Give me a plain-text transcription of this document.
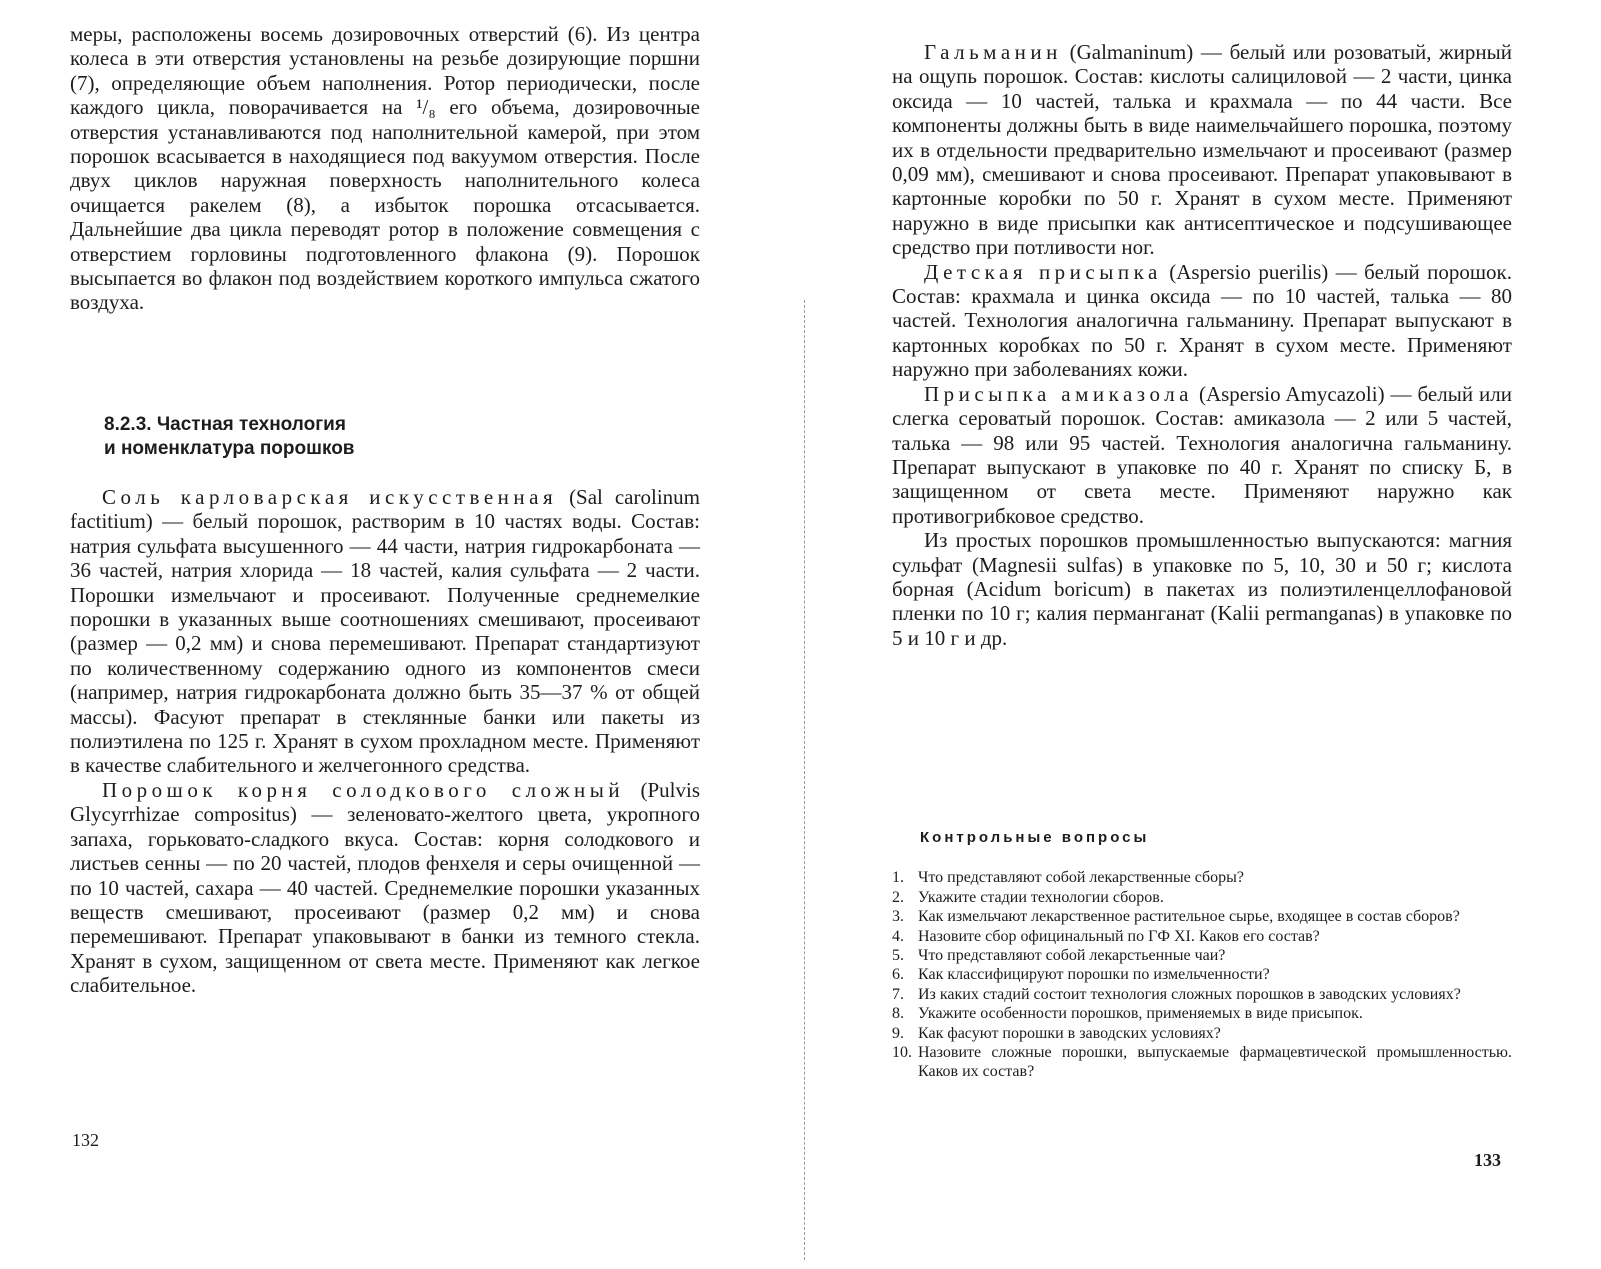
меры, расположены восемь дозировочных отверстий (6). Из центра колеса в эти отверстия установлены на резьбе дозирующие поршни (7), определяющие объем наполнения. Ротор периодически, после каждого цикла, поворачивается на ¹/₈ его объема, дозировочные отверстия устанавливаются под наполнительной камерой, при этом порошок всасывается в находящиеся под вакуумом отверстия. После двух циклов наружная поверхность наполнительного колеса очищается ракелем (8), а избыток порошка отсасывается. Дальнейшие два цикла переводят ротор в положение совмещения с отверстием горловины подготовленного флакона (9). Порошок высыпается во флакон под воздействием короткого импульса сжатого воздуха.

8.2.3. Частная технология
и номенклатура порошков

Соль карловарская искусственная (Sal carolinum factitium) — белый порошок, растворим в 10 частях воды. Состав: натрия сульфата высушенного — 44 части, натрия гидрокарбоната — 36 частей, натрия хлорида — 18 частей, калия сульфата — 2 части. Порошки измельчают и просеивают. Полученные среднемелкие порошки в указанных выше соотношениях смешивают, просеивают (размер — 0,2 мм) и снова перемешивают. Препарат стандартизуют по количественному содержанию одного из компонентов смеси (например, натрия гидрокарбоната должно быть 35—37 % от общей массы). Фасуют препарат в стеклянные банки или пакеты из полиэтилена по 125 г. Хранят в сухом прохладном месте. Применяют в качестве слабительного и желчегонного средства.

Порошок корня солодкового сложный (Pulvis Glycyrrhizae compositus) — зеленовато-желтого цвета, укропного запаха, горьковато-сладкого вкуса. Состав: корня солодкового и листьев сенны — по 20 частей, плодов фенхеля и серы очищенной — по 10 частей, сахара — 40 частей. Среднемелкие порошки указанных веществ смешивают, просеивают (размер 0,2 мм) и снова перемешивают. Препарат упаковывают в банки из темного стекла. Хранят в сухом, защищенном от света месте. Применяют как легкое слабительное.

132

Гальманин (Galmaninum) — белый или розоватый, жирный на ощупь порошок. Состав: кислоты салициловой — 2 части, цинка оксида — 10 частей, талька и крахмала — по 44 части. Все компоненты должны быть в виде наимельчайшего порошка, поэтому их в отдельности предварительно измельчают и просеивают (размер 0,09 мм), смешивают и снова просеивают. Препарат упаковывают в картонные коробки по 50 г. Хранят в сухом месте. Применяют наружно в виде присыпки как антисептическое и подсушивающее средство при потливости ног.

Детская присыпка (Aspersio puerilis) — белый порошок. Состав: крахмала и цинка оксида — по 10 частей, талька — 80 частей. Технология аналогична гальманину. Препарат выпускают в картонных коробках по 50 г. Хранят в сухом месте. Применяют наружно при заболеваниях кожи.

Присыпка амиказола (Aspersio Amycazoli) — белый или слегка сероватый порошок. Состав: амиказола — 2 или 5 частей, талька — 98 или 95 частей. Технология аналогична гальманину. Препарат выпускают в упаковке по 40 г. Хранят по списку Б, в защищенном от света месте. Применяют наружно как противогрибковое средство.

Из простых порошков промышленностью выпускаются: магния сульфат (Magnesii sulfas) в упаковке по 5, 10, 30 и 50 г; кислота борная (Acidum boricum) в пакетах из полиэтиленцеллофановой пленки по 10 г; калия перманганат (Kalii permanganas) в упаковке по 5 и 10 г и др.

Контрольные вопросы
1. Что представляют собой лекарственные сборы?
2. Укажите стадии технологии сборов.
3. Как измельчают лекарственное растительное сырье, входящее в состав сборов?
4. Назовите сбор официнальный по ГФ XI. Каков его состав?
5. Что представляют собой лекарстьенные чаи?
6. Как классифицируют порошки по измельченности?
7. Из каких стадий состоит технология сложных порошков в заводских условиях?
8. Укажите особенности порошков, применяемых в виде присыпок.
9. Как фасуют порошки в заводских условиях?
10. Назовите сложные порошки, выпускаемые фармацевтической промышленностью. Каков их состав?
133
